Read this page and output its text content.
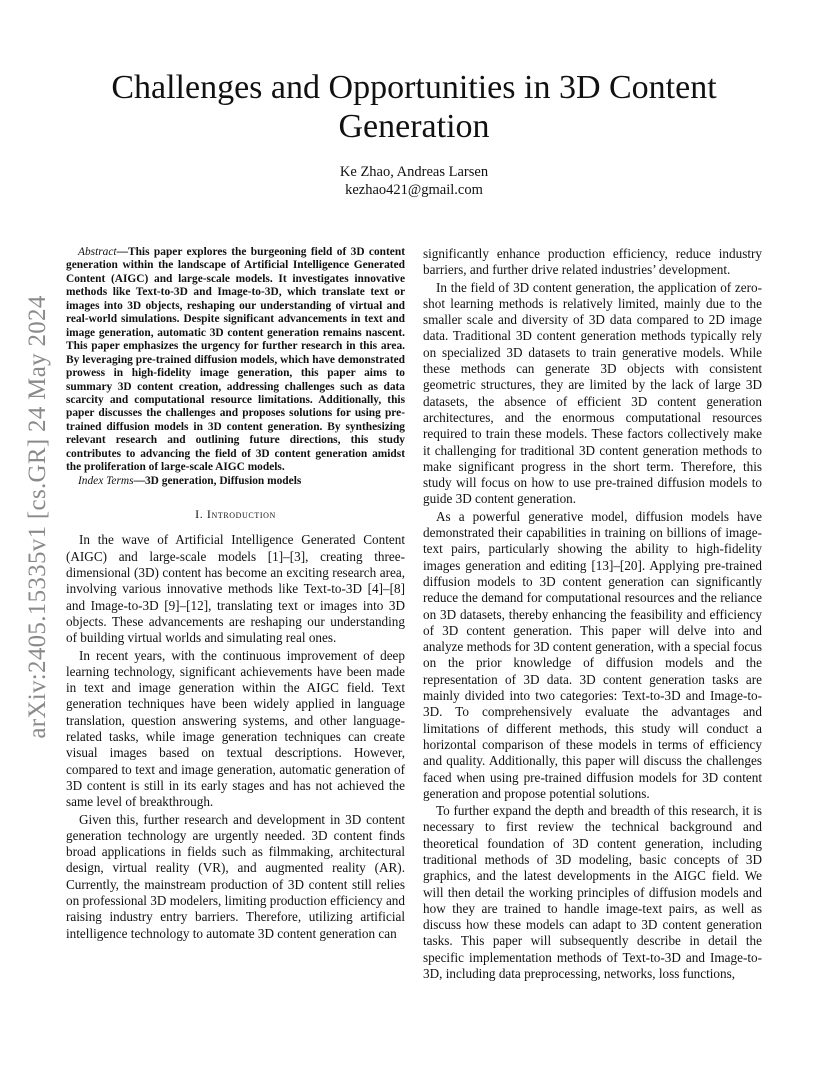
arXiv:2405.15335v1 [cs.GR] 24 May 2024
Challenges and Opportunities in 3D Content Generation
Ke Zhao, Andreas Larsen
kezhao421@gmail.com

Abstract—This paper explores the burgeoning field of 3D content generation within the landscape of Artificial Intelligence Generated Content (AIGC) and large-scale models. It investigates innovative methods like Text-to-3D and Image-to-3D, which translate text or images into 3D objects, reshaping our understanding of virtual and real-world simulations. Despite significant advancements in text and image generation, automatic 3D content generation remains nascent. This paper emphasizes the urgency for further research in this area. By leveraging pre-trained diffusion models, which have demonstrated prowess in high-fidelity image generation, this paper aims to summary 3D content creation, addressing challenges such as data scarcity and computational resource limitations. Additionally, this paper discusses the challenges and proposes solutions for using pre-trained diffusion models in 3D content generation. By synthesizing relevant research and outlining future directions, this study contributes to advancing the field of 3D content generation amidst the proliferation of large-scale AIGC models.

Index Terms—3D generation, Diffusion models

I. Introduction

In the wave of Artificial Intelligence Generated Content (AIGC) and large-scale models [1]–[3], creating three-dimensional (3D) content has become an exciting research area, involving various innovative methods like Text-to-3D [4]–[8] and Image-to-3D [9]–[12], translating text or images into 3D objects. These advancements are reshaping our understanding of building virtual worlds and simulating real ones.

In recent years, with the continuous improvement of deep learning technology, significant achievements have been made in text and image generation within the AIGC field. Text generation techniques have been widely applied in language translation, question answering systems, and other language-related tasks, while image generation techniques can create visual images based on textual descriptions. However, compared to text and image generation, automatic generation of 3D content is still in its early stages and has not achieved the same level of breakthrough.

Given this, further research and development in 3D content generation technology are urgently needed. 3D content finds broad applications in fields such as filmmaking, architectural design, virtual reality (VR), and augmented reality (AR). Currently, the mainstream production of 3D content still relies on professional 3D modelers, limiting production efficiency and raising industry entry barriers. Therefore, utilizing artificial intelligence technology to automate 3D content generation can

significantly enhance production efficiency, reduce industry barriers, and further drive related industries’ development.

In the field of 3D content generation, the application of zero-shot learning methods is relatively limited, mainly due to the smaller scale and diversity of 3D data compared to 2D image data. Traditional 3D content generation methods typically rely on specialized 3D datasets to train generative models. While these methods can generate 3D objects with consistent geometric structures, they are limited by the lack of large 3D datasets, the absence of efficient 3D content generation architectures, and the enormous computational resources required to train these models. These factors collectively make it challenging for traditional 3D content generation methods to make significant progress in the short term. Therefore, this study will focus on how to use pre-trained diffusion models to guide 3D content generation.

As a powerful generative model, diffusion models have demonstrated their capabilities in training on billions of image-text pairs, particularly showing the ability to high-fidelity images generation and editing [13]–[20]. Applying pre-trained diffusion models to 3D content generation can significantly reduce the demand for computational resources and the reliance on 3D datasets, thereby enhancing the feasibility and efficiency of 3D content generation. This paper will delve into and analyze methods for 3D content generation, with a special focus on the prior knowledge of diffusion models and the representation of 3D data. 3D content generation tasks are mainly divided into two categories: Text-to-3D and Image-to-3D. To comprehensively evaluate the advantages and limitations of different methods, this study will conduct a horizontal comparison of these models in terms of efficiency and quality. Additionally, this paper will discuss the challenges faced when using pre-trained diffusion models for 3D content generation and propose potential solutions.

To further expand the depth and breadth of this research, it is necessary to first review the technical background and theoretical foundation of 3D content generation, including traditional methods of 3D modeling, basic concepts of 3D graphics, and the latest developments in the AIGC field. We will then detail the working principles of diffusion models and how they are trained to handle image-text pairs, as well as discuss how these models can adapt to 3D content generation tasks. This paper will subsequently describe in detail the specific implementation methods of Text-to-3D and Image-to-3D, including data preprocessing, networks, loss functions,
